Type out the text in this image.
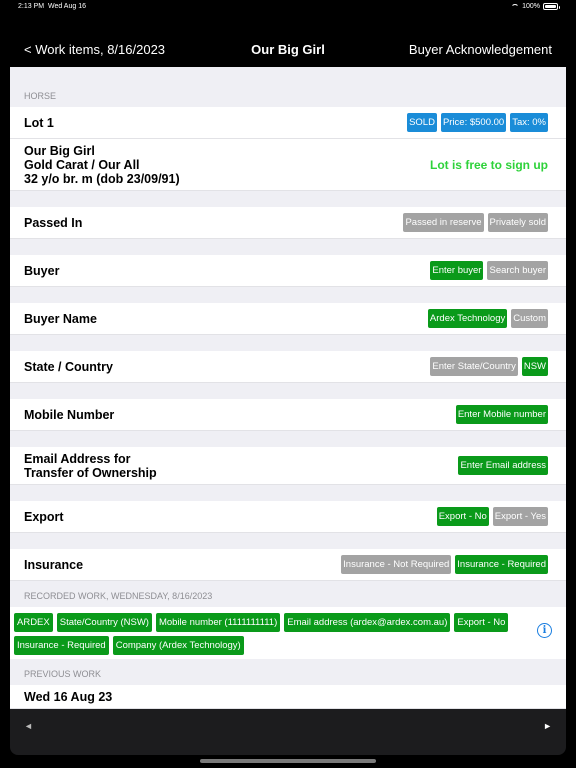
2:13 PM Wed Aug 16	100%
< Work items, 8/16/2023	Our Big Girl	Buyer Acknowledgement
HORSE
Lot 1	SOLD Price: $500.00 Tax: 0%
Our Big Girl
Gold Carat / Our All
32 y/o br. m (dob 23/09/91)
Lot is free to sign up
Passed In	Passed in reserve Privately sold
Buyer	Enter buyer Search buyer
Buyer Name	Ardex Technology Custom
State / Country	Enter State/Country NSW
Mobile Number	Enter Mobile number
Email Address for
Transfer of Ownership	Enter Email address
Export	Export - No Export - Yes
Insurance	Insurance - Not Required Insurance - Required
RECORDED WORK, WEDNESDAY, 8/16/2023
ARDEX	State/Country (NSW)	Mobile number (1111111111)	Email address (ardex@ardex.com.au)	Export - No
Insurance - Required	Company (Ardex Technology)
i
PREVIOUS WORK
Wed 16 Aug 23
◄	►
